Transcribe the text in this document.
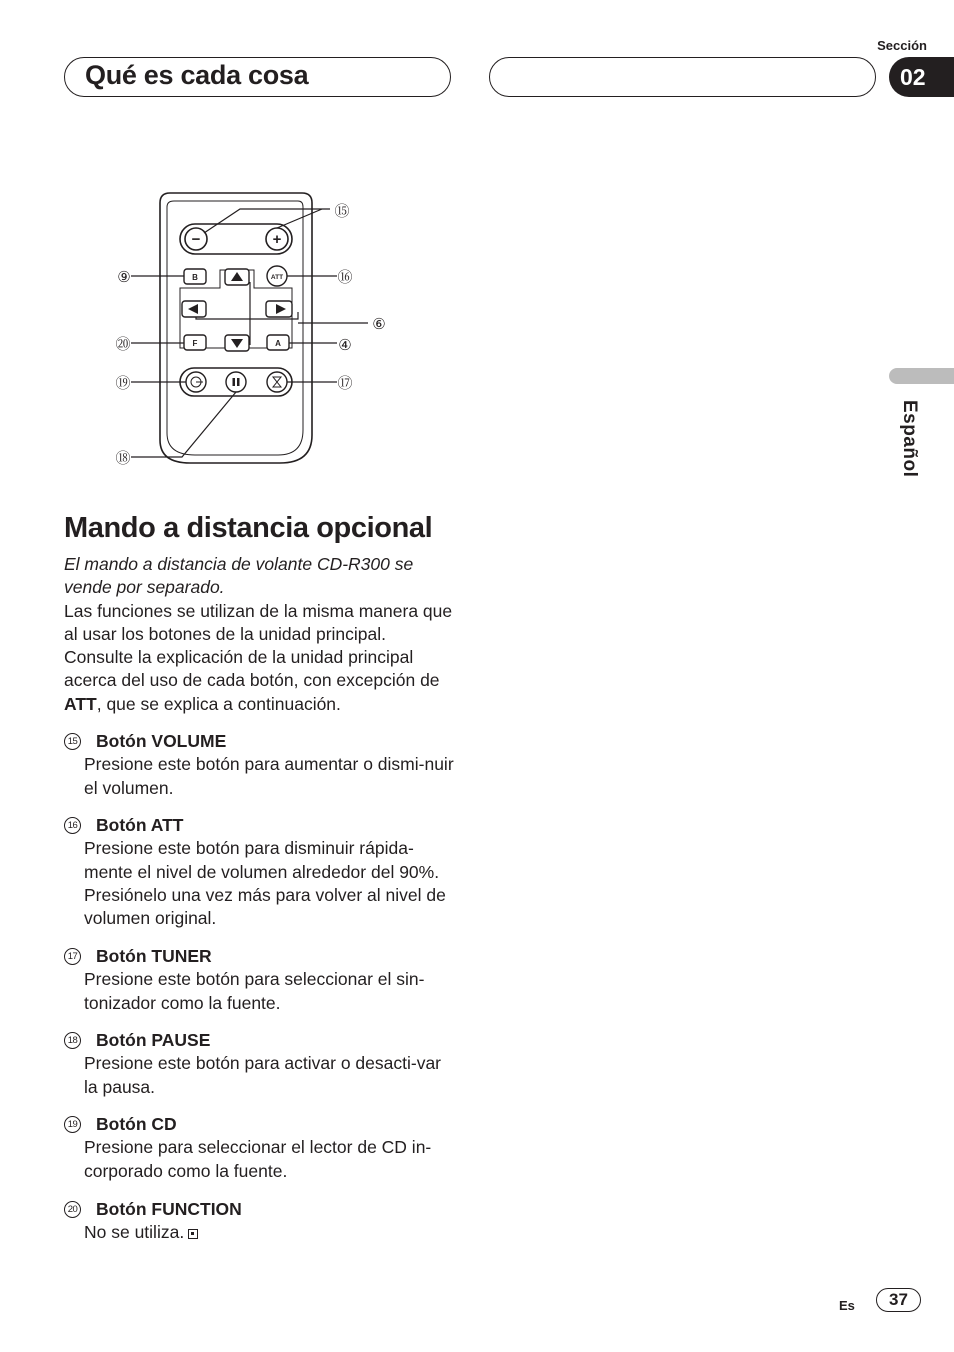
Qué es cada cosa
Sección
02
Español
−	+
B	ATT
F	A
⑮
⑯
⑨
⑥
④
⑳
⑲	⑰
⑱
Mando a distancia opcional
El mando a distancia de volante CD-R300 se vende por separado.
Las funciones se utilizan de la misma manera que al usar los botones de la unidad principal. Consulte la explicación de la unidad principal acerca del uso de cada botón, con excepción de ATT, que se explica a continuación.
15 Botón VOLUME
Presione este botón para aumentar o dismi-nuir el volumen.
16 Botón ATT
Presione este botón para disminuir rápida-mente el nivel de volumen alrededor del 90%. Presiónelo una vez más para volver al nivel de volumen original.
17 Botón TUNER
Presione este botón para seleccionar el sin-tonizador como la fuente.
18 Botón PAUSE
Presione este botón para activar o desacti-var la pausa.
19 Botón CD
Presione para seleccionar el lector de CD in-corporado como la fuente.
20 Botón FUNCTION
No se utiliza.
Es	37
